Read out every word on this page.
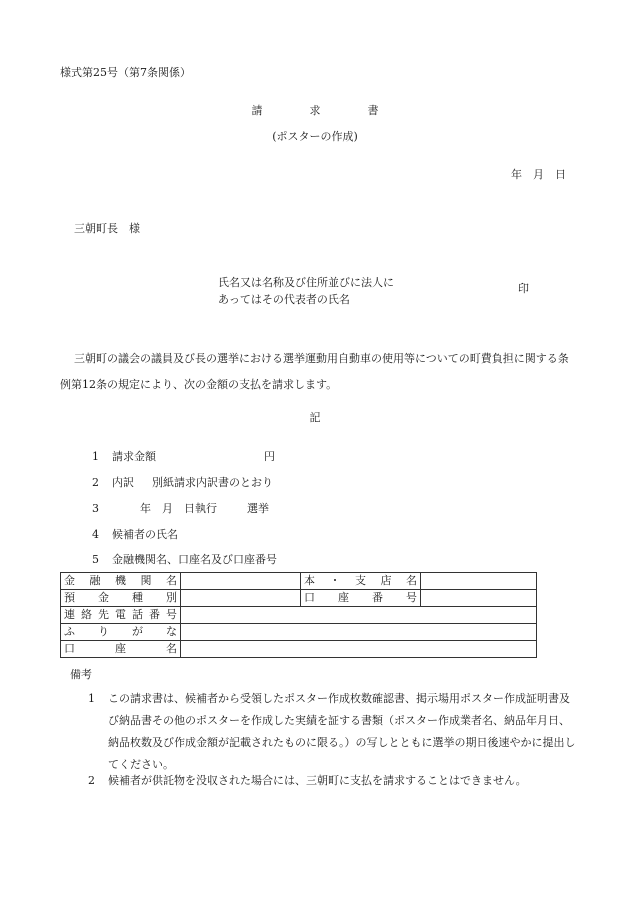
様式第25号（第7条関係）
請　求　書
(ポスターの作成)
年　月　日
三朝町長　様
氏名又は名称及び住所並びに法人に
あってはその代表者の氏名
印
三朝町の議会の議員及び長の選挙における選挙運動用自動車の使用等についての町費負担に関する条例第12条の規定により、次の金額の支払を請求します。
記
1 請求金額	円
2 内訳 別紙請求内訳書のとおり
3	年　月　日執行	選挙
4 候補者の氏名
5 金融機関名、口座名及び口座番号
金融機関名		本・支店名	
預金種別		口座番号	
連絡先電話番号			
ふりがな			
口座名			
備考
1 この請求書は、候補者から受領したポスター作成枚数確認書、掲示場用ポスター作成証明書及び納品書その他のポスターを作成した実績を証する書類（ポスター作成業者名、納品年月日、納品枚数及び作成金額が記載されたものに限る。）の写しとともに選挙の期日後速やかに提出してください。
2 候補者が供託物を没収された場合には、三朝町に支払を請求することはできません。
